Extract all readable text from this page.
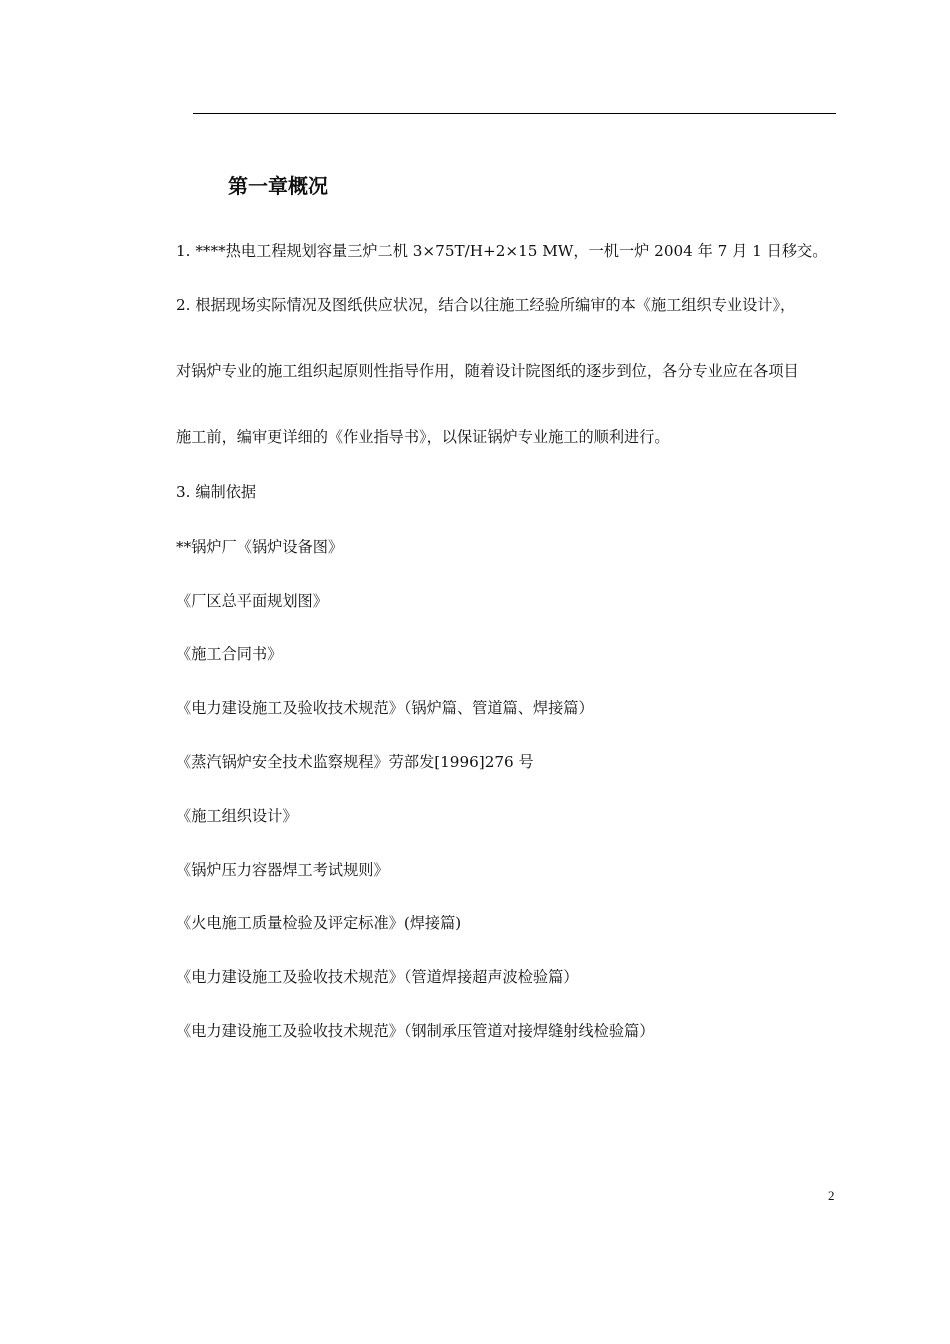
第一章概况
1. ****热电工程规划容量三炉二机 3×75T/H+2×15 MW，一机一炉 2004 年 7 月 1 日移交。
2. 根据现场实际情况及图纸供应状况，结合以往施工经验所编审的本《施工组织专业设计》，
对锅炉专业的施工组织起原则性指导作用，随着设计院图纸的逐步到位，各分专业应在各项目
施工前，编审更详细的《作业指导书》，以保证锅炉专业施工的顺利进行。
3. 编制依据
**锅炉厂《锅炉设备图》
《厂区总平面规划图》
《施工合同书》
《电力建设施工及验收技术规范》（锅炉篇、管道篇、焊接篇）
《蒸汽锅炉安全技术监察规程》劳部发[1996]276 号
《施工组织设计》
《锅炉压力容器焊工考试规则》
《火电施工质量检验及评定标准》(焊接篇)
《电力建设施工及验收技术规范》（管道焊接超声波检验篇）
《电力建设施工及验收技术规范》（钢制承压管道对接焊缝射线检验篇）
2
